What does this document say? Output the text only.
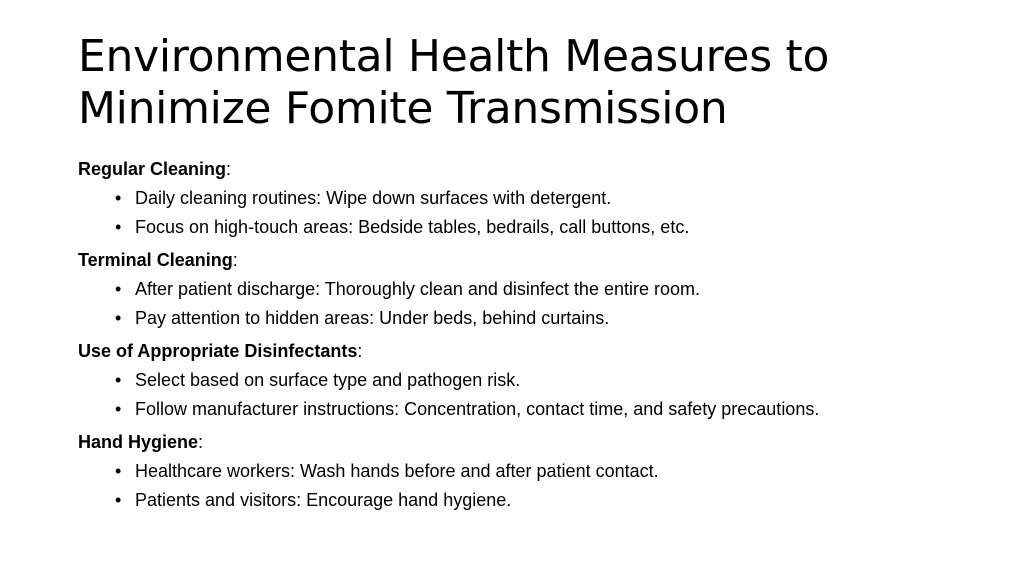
Environmental Health Measures to
Minimize Fomite Transmission
Regular Cleaning:
• Daily cleaning routines: Wipe down surfaces with detergent.
• Focus on high-touch areas: Bedside tables, bedrails, call buttons, etc.
Terminal Cleaning:
• After patient discharge: Thoroughly clean and disinfect the entire room.
• Pay attention to hidden areas: Under beds, behind curtains.
Use of Appropriate Disinfectants:
• Select based on surface type and pathogen risk.
• Follow manufacturer instructions: Concentration, contact time, and safety precautions.
Hand Hygiene:
• Healthcare workers: Wash hands before and after patient contact.
• Patients and visitors: Encourage hand hygiene.
